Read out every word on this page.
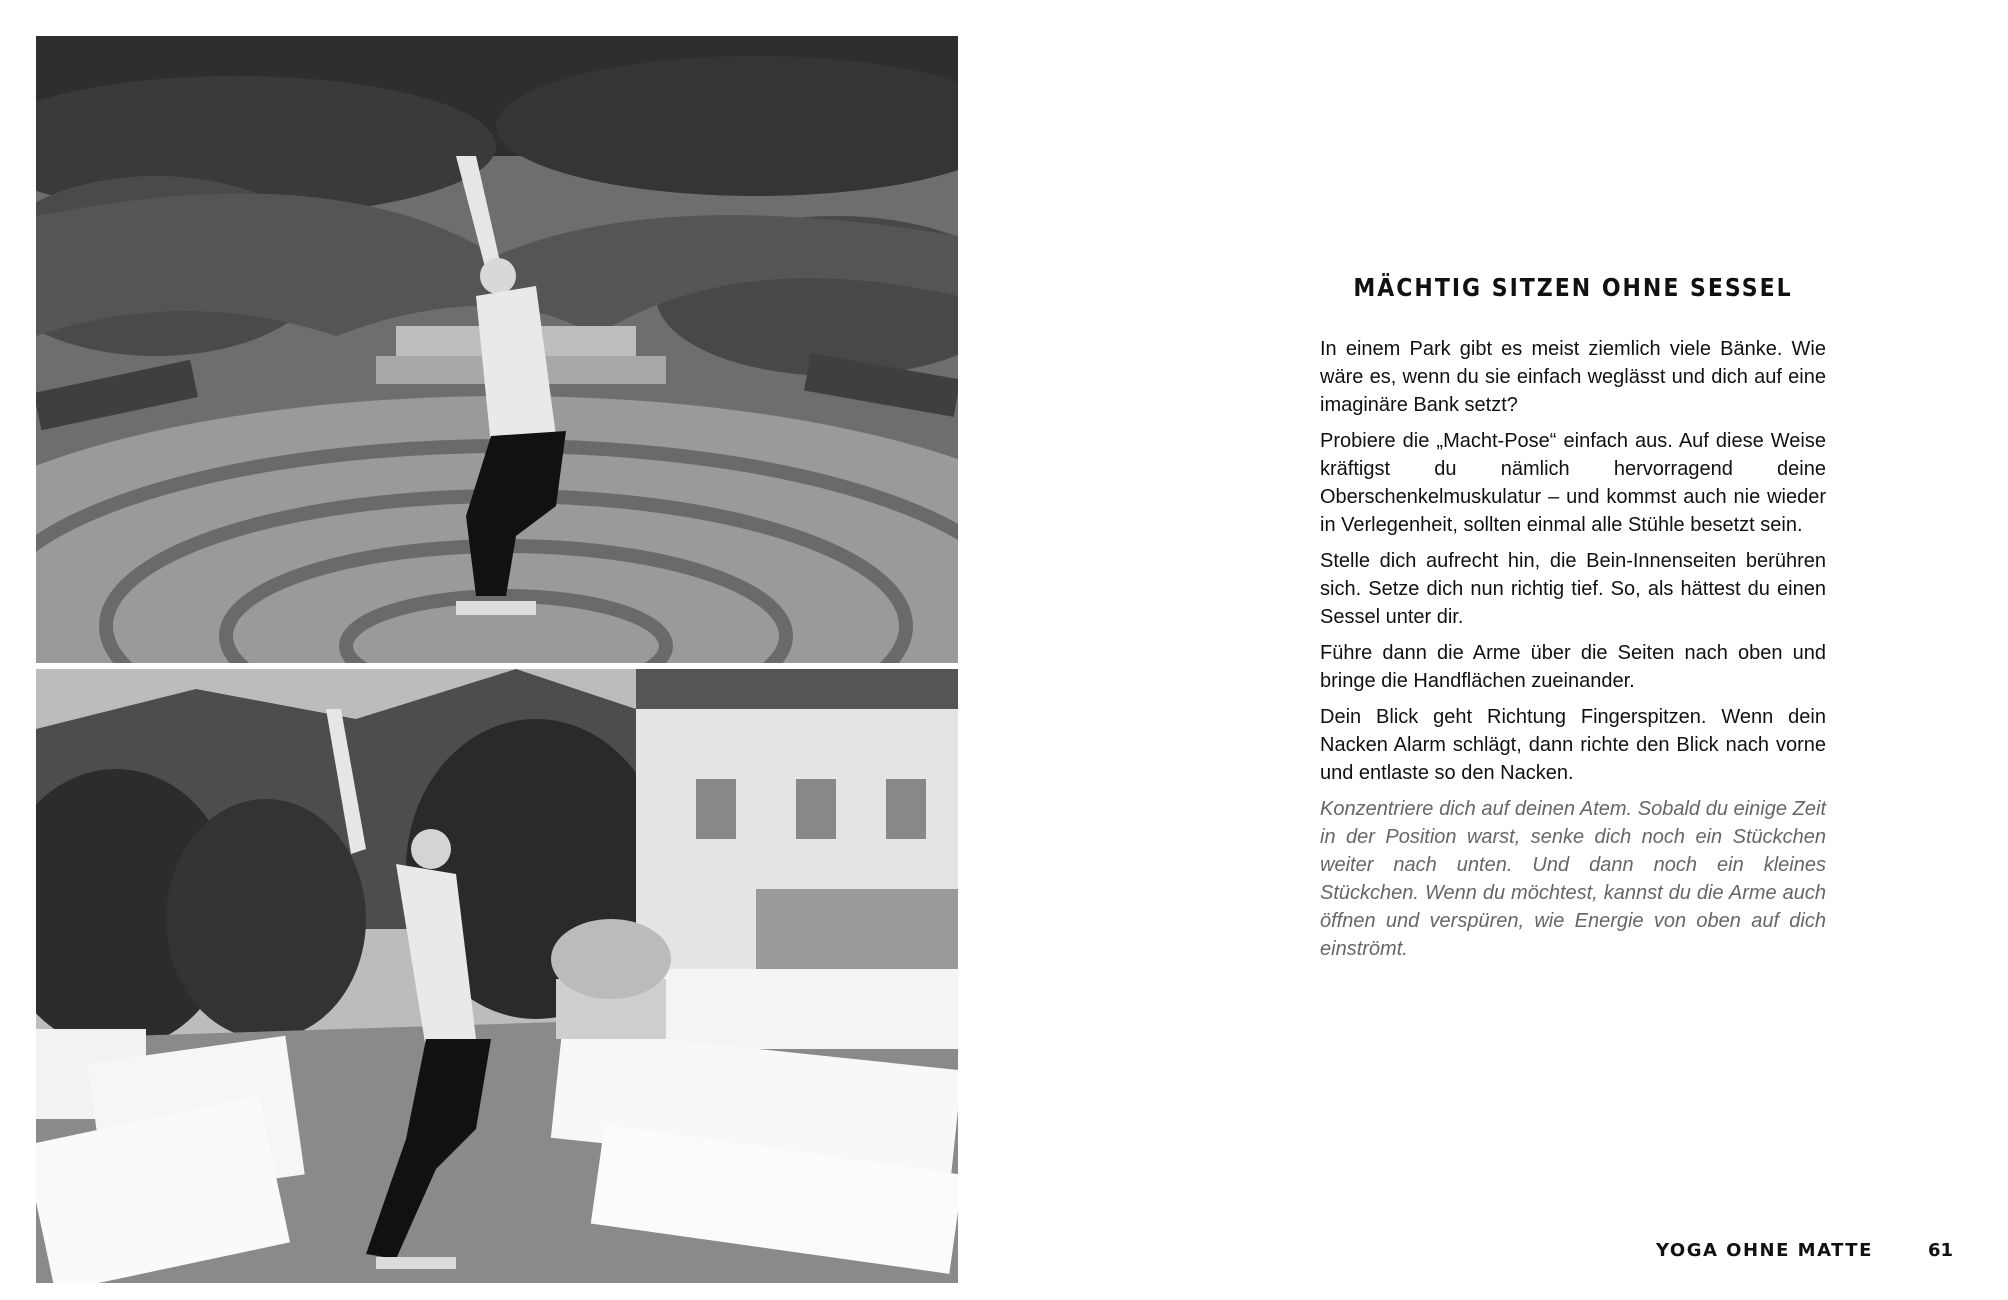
MÄCHTIG SITZEN OHNE SESSEL

In einem Park gibt es meist ziemlich viele Bänke. Wie wäre es, wenn du sie einfach weglässt und dich auf eine imaginäre Bank setzt?

Probiere die „Macht-Pose“ einfach aus. Auf diese Weise kräftigst du nämlich hervorragend deine Oberschenkelmuskulatur – und kommst auch nie wieder in Verlegenheit, sollten einmal alle Stühle besetzt sein.

Stelle dich aufrecht hin, die Bein-Innenseiten berühren sich. Setze dich nun richtig tief. So, als hättest du einen Sessel unter dir.

Führe dann die Arme über die Seiten nach oben und bringe die Handflächen zueinander.

Dein Blick geht Richtung Fingerspitzen. Wenn dein Nacken Alarm schlägt, dann richte den Blick nach vorne und entlaste so den Nacken.

Konzentriere dich auf deinen Atem. Sobald du einige Zeit in der Position warst, senke dich noch ein Stückchen weiter nach unten. Und dann noch ein kleines Stückchen. Wenn du möchtest, kannst du die Arme auch öffnen und verspüren, wie Energie von oben auf dich einströmt.

YOGA OHNE MATTE	61
